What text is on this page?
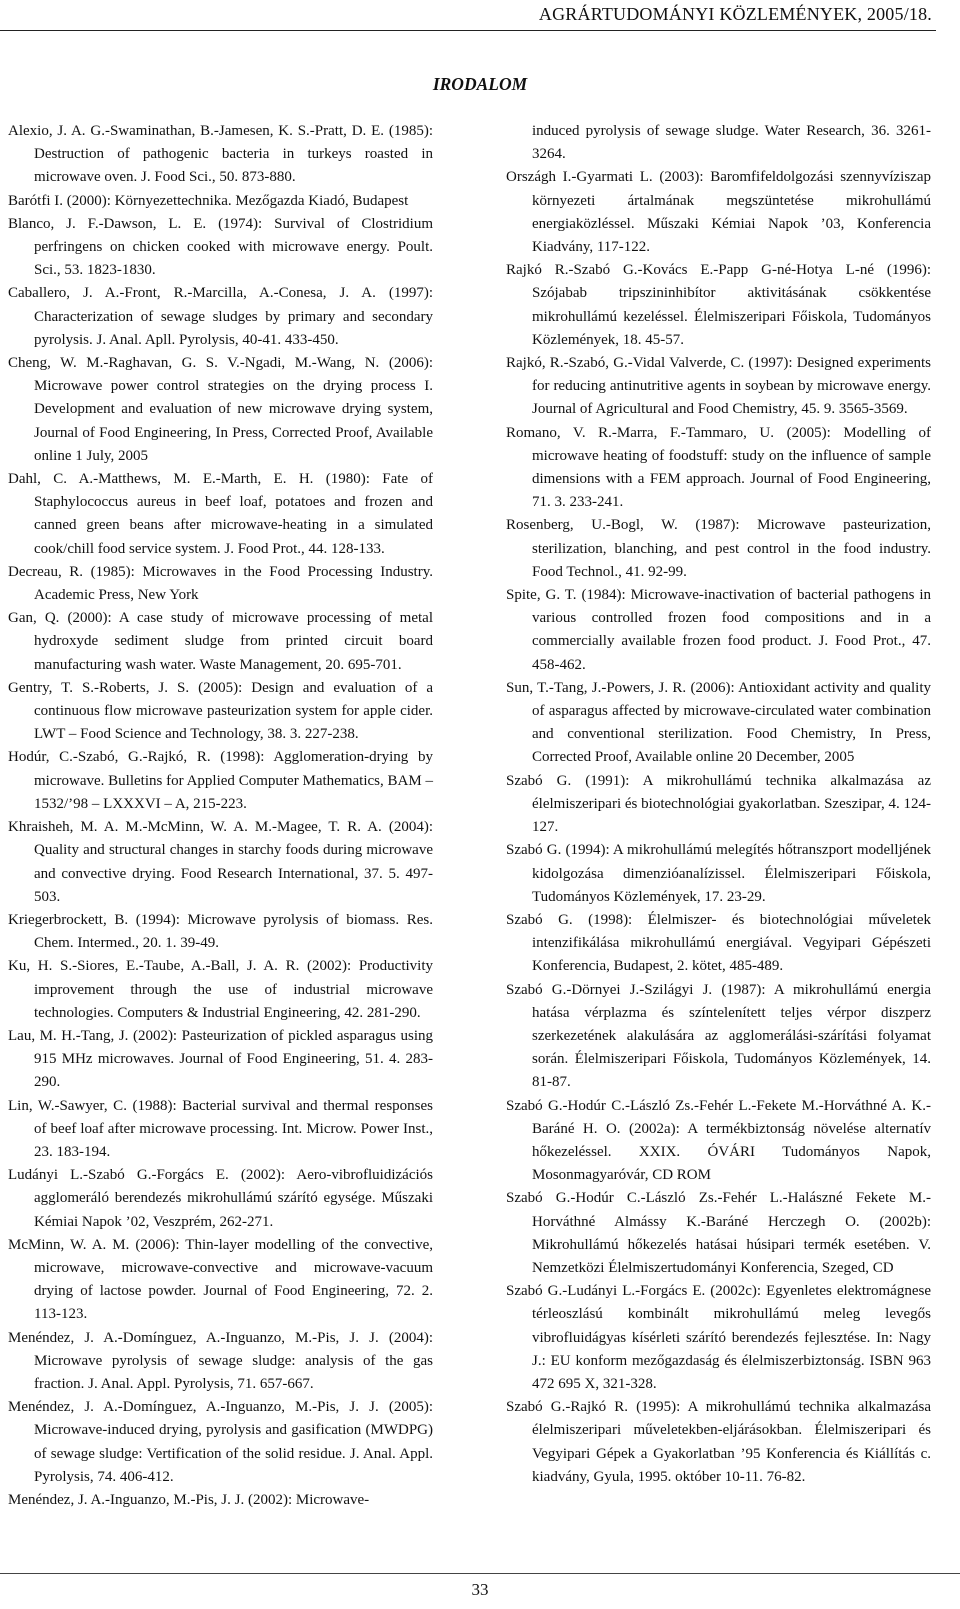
AGRÁRTUDOMÁNYI KÖZLEMÉNYEK, 2005/18.
IRODALOM

Alexio, J. A. G.-Swaminathan, B.-Jamesen, K. S.-Pratt, D. E. (1985): Destruction of pathogenic bacteria in turkeys roasted in microwave oven. J. Food Sci., 50. 873-880.

Barótfi I. (2000): Környezettechnika. Mezőgazda Kiadó, Budapest

Blanco, J. F.-Dawson, L. E. (1974): Survival of Clostridium perfringens on chicken cooked with microwave energy. Poult. Sci., 53. 1823-1830.

Caballero, J. A.-Front, R.-Marcilla, A.-Conesa, J. A. (1997): Characterization of sewage sludges by primary and secondary pyrolysis. J. Anal. Apll. Pyrolysis, 40-41. 433-450.

Cheng, W. M.-Raghavan, G. S. V.-Ngadi, M.-Wang, N. (2006): Microwave power control strategies on the drying process I. Development and evaluation of new microwave drying system, Journal of Food Engineering, In Press, Corrected Proof, Available online 1 July, 2005

Dahl, C. A.-Matthews, M. E.-Marth, E. H. (1980): Fate of Staphylococcus aureus in beef loaf, potatoes and frozen and canned green beans after microwave-heating in a simulated cook/chill food service system. J. Food Prot., 44. 128-133.

Decreau, R. (1985): Microwaves in the Food Processing Industry. Academic Press, New York

Gan, Q. (2000): A case study of microwave processing of metal hydroxyde sediment sludge from printed circuit board manufacturing wash water. Waste Management, 20. 695-701.

Gentry, T. S.-Roberts, J. S. (2005): Design and evaluation of a continuous flow microwave pasteurization system for apple cider. LWT – Food Science and Technology, 38. 3. 227-238.

Hodúr, C.-Szabó, G.-Rajkó, R. (1998): Agglomeration-drying by microwave. Bulletins for Applied Computer Mathematics, BAM – 1532/’98 – LXXXVI – A, 215-223.

Khraisheh, M. A. M.-McMinn, W. A. M.-Magee, T. R. A. (2004): Quality and structural changes in starchy foods during microwave and convective drying. Food Research International, 37. 5. 497-503.

Kriegerbrockett, B. (1994): Microwave pyrolysis of biomass. Res. Chem. Intermed., 20. 1. 39-49.

Ku, H. S.-Siores, E.-Taube, A.-Ball, J. A. R. (2002): Productivity improvement through the use of industrial microwave technologies. Computers & Industrial Engineering, 42. 281-290.

Lau, M. H.-Tang, J. (2002): Pasteurization of pickled asparagus using 915 MHz microwaves. Journal of Food Engineering, 51. 4. 283-290.

Lin, W.-Sawyer, C. (1988): Bacterial survival and thermal responses of beef loaf after microwave processing. Int. Microw. Power Inst., 23. 183-194.

Ludányi L.-Szabó G.-Forgács E. (2002): Aero-vibrofluidizációs agglomeráló berendezés mikrohullámú szárító egysége. Műszaki Kémiai Napok ’02, Veszprém, 262-271.

McMinn, W. A. M. (2006): Thin-layer modelling of the convective, microwave, microwave-convective and microwave-vacuum drying of lactose powder. Journal of Food Engineering, 72. 2. 113-123.

Menéndez, J. A.-Domínguez, A.-Inguanzo, M.-Pis, J. J. (2004): Microwave pyrolysis of sewage sludge: analysis of the gas fraction. J. Anal. Appl. Pyrolysis, 71. 657-667.

Menéndez, J. A.-Domínguez, A.-Inguanzo, M.-Pis, J. J. (2005): Microwave-induced drying, pyrolysis and gasification (MWDPG) of sewage sludge: Vertification of the solid residue. J. Anal. Appl. Pyrolysis, 74. 406-412.

Menéndez, J. A.-Inguanzo, M.-Pis, J. J. (2002): Microwave-

induced pyrolysis of sewage sludge. Water Research, 36. 3261-3264.

Országh I.-Gyarmati L. (2003): Baromfifeldolgozási szennyvíziszap környezeti ártalmának megszüntetése mikrohullámú energiaközléssel. Műszaki Kémiai Napok ’03, Konferencia Kiadvány, 117-122.

Rajkó R.-Szabó G.-Kovács E.-Papp G-né-Hotya L-né (1996): Szójabab tripszininhibítor aktivitásának csökkentése mikrohullámú kezeléssel. Élelmiszeripari Főiskola, Tudományos Közlemények, 18. 45-57.

Rajkó, R.-Szabó, G.-Vidal Valverde, C. (1997): Designed experiments for reducing antinutritive agents in soybean by microwave energy. Journal of Agricultural and Food Chemistry, 45. 9. 3565-3569.

Romano, V. R.-Marra, F.-Tammaro, U. (2005): Modelling of microwave heating of foodstuff: study on the influence of sample dimensions with a FEM approach. Journal of Food Engineering, 71. 3. 233-241.

Rosenberg, U.-Bogl, W. (1987): Microwave pasteurization, sterilization, blanching, and pest control in the food industry. Food Technol., 41. 92-99.

Spite, G. T. (1984): Microwave-inactivation of bacterial pathogens in various controlled frozen food compositions and in a commercially available frozen food product. J. Food Prot., 47. 458-462.

Sun, T.-Tang, J.-Powers, J. R. (2006): Antioxidant activity and quality of asparagus affected by microwave-circulated water combination and conventional sterilization. Food Chemistry, In Press, Corrected Proof, Available online 20 December, 2005

Szabó G. (1991): A mikrohullámú technika alkalmazása az élelmiszeripari és biotechnológiai gyakorlatban. Szeszipar, 4. 124-127.

Szabó G. (1994): A mikrohullámú melegítés hőtranszport modelljének kidolgozása dimenzióanalízissel. Élelmiszeripari Főiskola, Tudományos Közlemények, 17. 23-29.

Szabó G. (1998): Élelmiszer- és biotechnológiai műveletek intenzifikálása mikrohullámú energiával. Vegyipari Gépészeti Konferencia, Budapest, 2. kötet, 485-489.

Szabó G.-Dörnyei J.-Szilágyi J. (1987): A mikrohullámú energia hatása vérplazma és színtelenített teljes vérpor diszperz szerkezetének alakulására az agglomerálási-szárítási folyamat során. Élelmiszeripari Főiskola, Tudományos Közlemények, 14. 81-87.

Szabó G.-Hodúr C.-László Zs.-Fehér L.-Fekete M.-Horváthné A. K.-Baráné H. O. (2002a): A termékbiztonság növelése alternatív hőkezeléssel. XXIX. ÓVÁRI Tudományos Napok, Mosonmagyaróvár, CD ROM

Szabó G.-Hodúr C.-László Zs.-Fehér L.-Halászné Fekete M.-Horváthné Almássy K.-Baráné Herczegh O. (2002b): Mikrohullámú hőkezelés hatásai húsipari termék esetében. V. Nemzetközi Élelmiszertudományi Konferencia, Szeged, CD

Szabó G.-Ludányi L.-Forgács E. (2002c): Egyenletes elektromágnese térleoszlású kombinált mikrohullámú meleg levegős vibrofluidágyas kísérleti szárító berendezés fejlesztése. In: Nagy J.: EU konform mezőgazdaság és élelmiszerbiztonság. ISBN 963 472 695 X, 321-328.

Szabó G.-Rajkó R. (1995): A mikrohullámú technika alkalmazása élelmiszeripari műveletekben-eljárásokban. Élelmiszeripari és Vegyipari Gépek a Gyakorlatban ’95 Konferencia és Kiállítás c. kiadvány, Gyula, 1995. október 10-11. 76-82.

33
